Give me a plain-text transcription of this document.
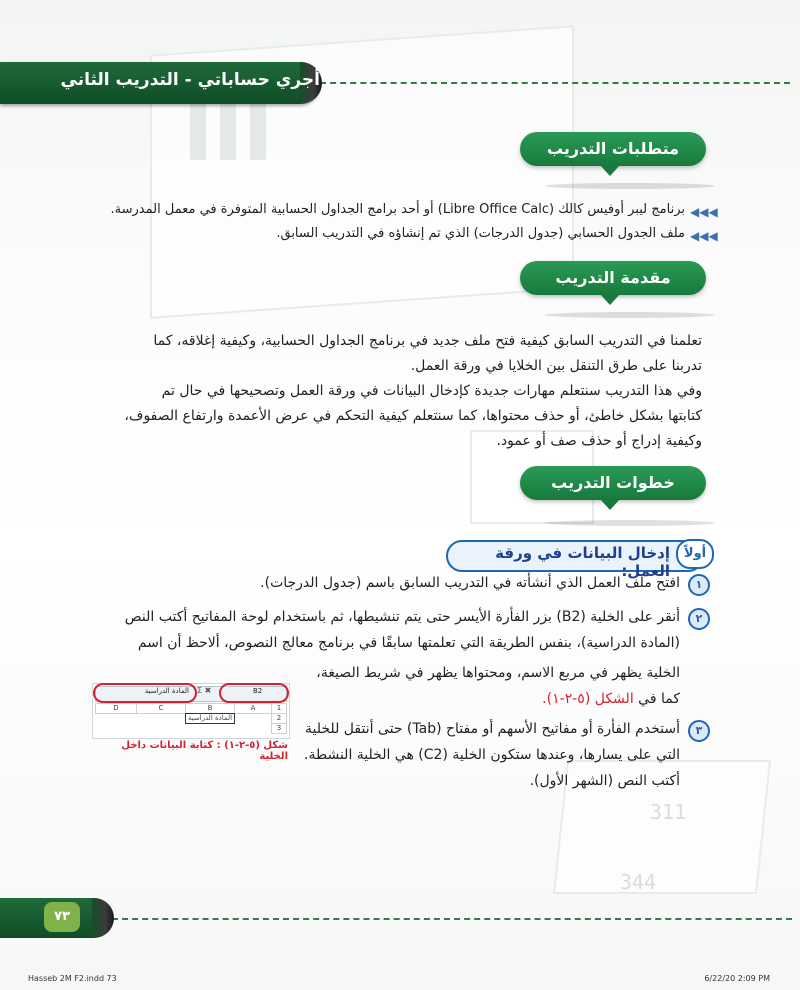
311
344
أجري حساباتي - التدريب الثاني
متطلبات التدريب
◀◀◀
برنامج ليبر أوفيس كالك (Libre Office Calc) أو أحد برامج الجداول الحسابية المتوفرة في معمل المدرسة.
◀◀◀
ملف الجدول الحسابي (جدول الدرجات) الذي تم إنشاؤه في التدريب السابق.
مقدمة التدريب
تعلمنا في التدريب السابق كيفية فتح ملف جديد في برنامج الجداول الحسابية، وكيفية إغلاقه، كما
تدربنا على طرق التنقل بين الخلايا في ورقة العمل.
وفي هذا التدريب سنتعلم مهارات جديدة كإدخال البيانات في ورقة العمل وتصحيحها في حال تم
كتابتها بشكل خاطئ، أو حذف محتواها، كما سنتعلم كيفية التحكم في عرض الأعمدة وارتفاع الصفوف،
وكيفية إدراج أو حذف صف أو عمود.
خطوات التدريب
أولاً
إدخال البيانات في ورقة العمل:
١
افتح ملف العمل الذي أنشأته في التدريب السابق باسم (جدول الدرجات).
٢
أنقر على الخلية (B2) بزر الفأرة الأيسر حتى يتم تنشيطها، ثم باستخدام لوحة المفاتيح أكتب النص
(المادة الدراسية)، بنفس الطريقة التي تعلمتها سابقًا في برنامج معالج النصوص، ألاحظ أن اسم
الخلية يظهر في مربع الاسم، ومحتواها يظهر في شريط الصيغة،
كما في الشكل (٥-٢-١).
٣
أستخدم الفأرة أو مفاتيح الأسهم أو مفتاح (Tab) حتى أنتقل للخلية
التي على يسارها، وعندها ستكون الخلية (C2) هي الخلية النشطة.
أكتب النص (الشهر الأول).
المادة الدراسية Σ ✖	B2
D	C	B	A	1
2
3
المادة الدراسية
شكل (٥-٢-١) : كتابة البيانات داخل الخلية
٧٣
Hasseb 2M F2.indd 73	6/22/20 2:09 PM
